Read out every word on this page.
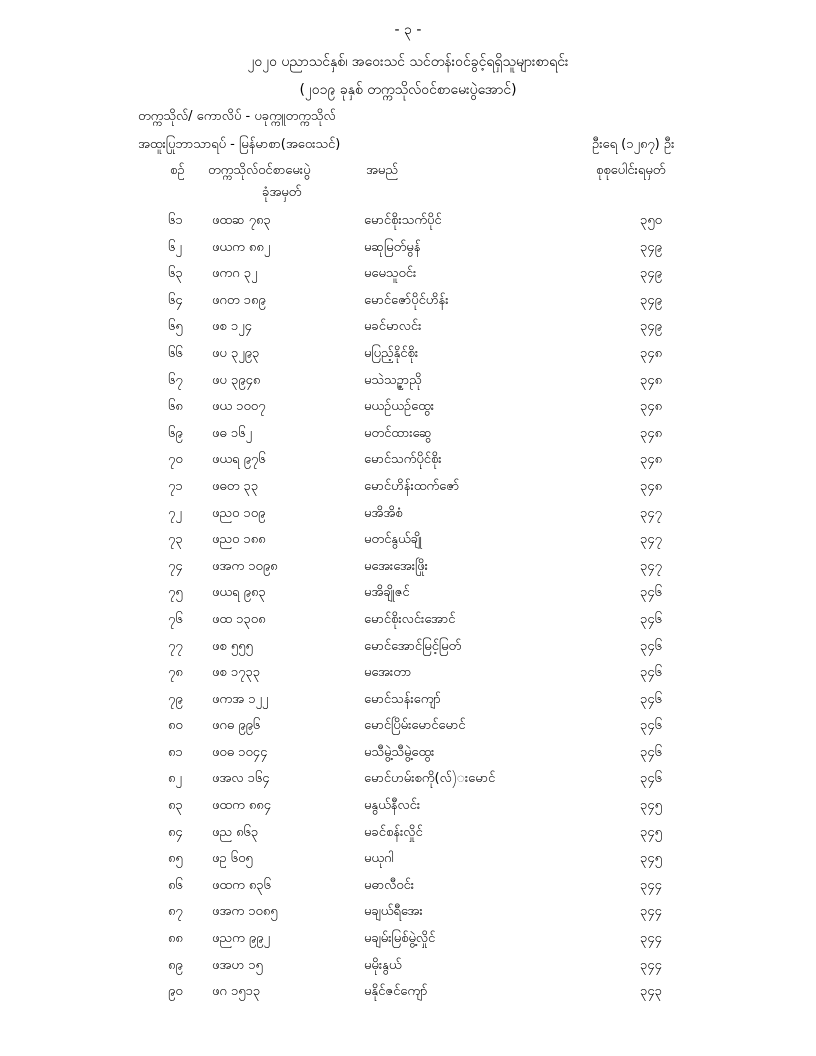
- ၃ -
၂၀၂၀ ပညာသင်နှစ်၊ အဝေးသင် သင်တန်းဝင်ခွင့်ရရှိသူများစာရင်း
(၂၀၁၉ ခုနှစ် တက္ကသိုလ်ဝင်စာမေးပွဲအောင်)
တက္ကသိုလ်/ ကောလိပ် - ပခုက္ကူတက္ကသိုလ်
အထူးပြုဘာသာရပ် - မြန်မာစာ(အဝေးသင်)	ဦးရေ (၁၂၈၇) ဦး
စဉ် တက္ကသိုလ်ဝင်စာမေးပွဲ
ခုံအမှတ်
အမည်	စုစုပေါင်းရမှတ်
၆၁ ဖထဆ ၇၈၃	မောင်စိုးသက်ပိုင်	၃၅၀
၆၂ ဖယက ၈၈၂	မဆုမြတ်မွန်	၃၄၉
၆၃ ဖကဂ ၃၂	မမေသူဝင်း	၃၄၉
၆၄ ဖဂတ ၁၈၉	မောင်ဇော်ပိုင်ဟိန်း	၃၄၉
၆၅ ဖစ ၁၂၄	မခင်မာလင်း	၃၄၉
၆၆ ဖပ ၃၂၉၃	မပြည့်နိုင်စိုး	၃၄၈
၆၇ ဖပ ၃၉၄၈	မသဲသဉ္ဇာညို	၃၄၈
၆၈ ဖယ ၁၀၀၇	မယဉ်ယဉ်ထွေး	၃၄၈
၆၉ ဖဓ ၁၆၂	မတင်ထားဆွေ	၃၄၈
၇၀ ဖယရ ၉၇၆	မောင်သက်ပိုင်စိုး	၃၄၈
၇၁ ဖဓတ ၃၃	မောင်ဟိန်းထက်ဇော်	၃၄၈
၇၂ ဖညဝ ၁၀၉	မအိအိစံ	၃၄၇
၇၃ ဖညဝ ၁၈၈	မတင်နွယ်ချို	၃၄၇
၇၄ ဖအက ၁၀၉၈	မအေးအေးဖြိုး	၃၄၇
၇၅ ဖယရ ၉၈၃	မအိချိုဇင်	၃၄၆
၇၆ ဖထ ၁၃၀၈	မောင်စိုးလင်းအောင်	၃၄၆
၇၇ ဖစ ၅၅၅	မောင်အောင်မြင့်မြတ်	၃၄၆
၇၈ ဖစ ၁၇၃၃	မအေးတာ	၃၄၆
၇၉ ဖကအ ၁၂၂	မောင်သန်းကျော်	၃၄၆
၈၀ ဖဂဓ ၉၉၆	မောင်ပြိမ်းမောင်မောင်	၃၄၆
၈၁ ဖဝဓ ၁၀၄၄	မသီမွဲ့သီမွဲ့ထွေး	၃၄၆
၈၂ ဖအလ ၁၆၄	မောင်ဟမ်းစကို(လ်)းမောင်	၃၄၆
၈၃ ဖထက ၈၈၄	မနွယ်နီလင်း	၃၄၅
၈၄ ဖည ၈၆၃	မခင်စန်းလှိုင်	၃၄၅
၈၅ ဖဥ ၆၀၅	မယုဂါ	၃၄၅
၈၆ ဖထက ၈၃၆	မဓာလီဝင်း	၃၄၄
၈၇ ဖအက ၁၀၈၅	မချယ်ရီအေး	၃၄၄
၈၈ ဖညက ၉၉၂	မချမ်းမြစ်မွဲ့လှိုင်	၃၄၄
၈၉ ဖအဟ ၁၅	မမိုးနွယ်	၃၄၄
၉၀ ဖဂ ၁၅၁၃	မနိုင်ဇင်ကျော်	၃၄၃
